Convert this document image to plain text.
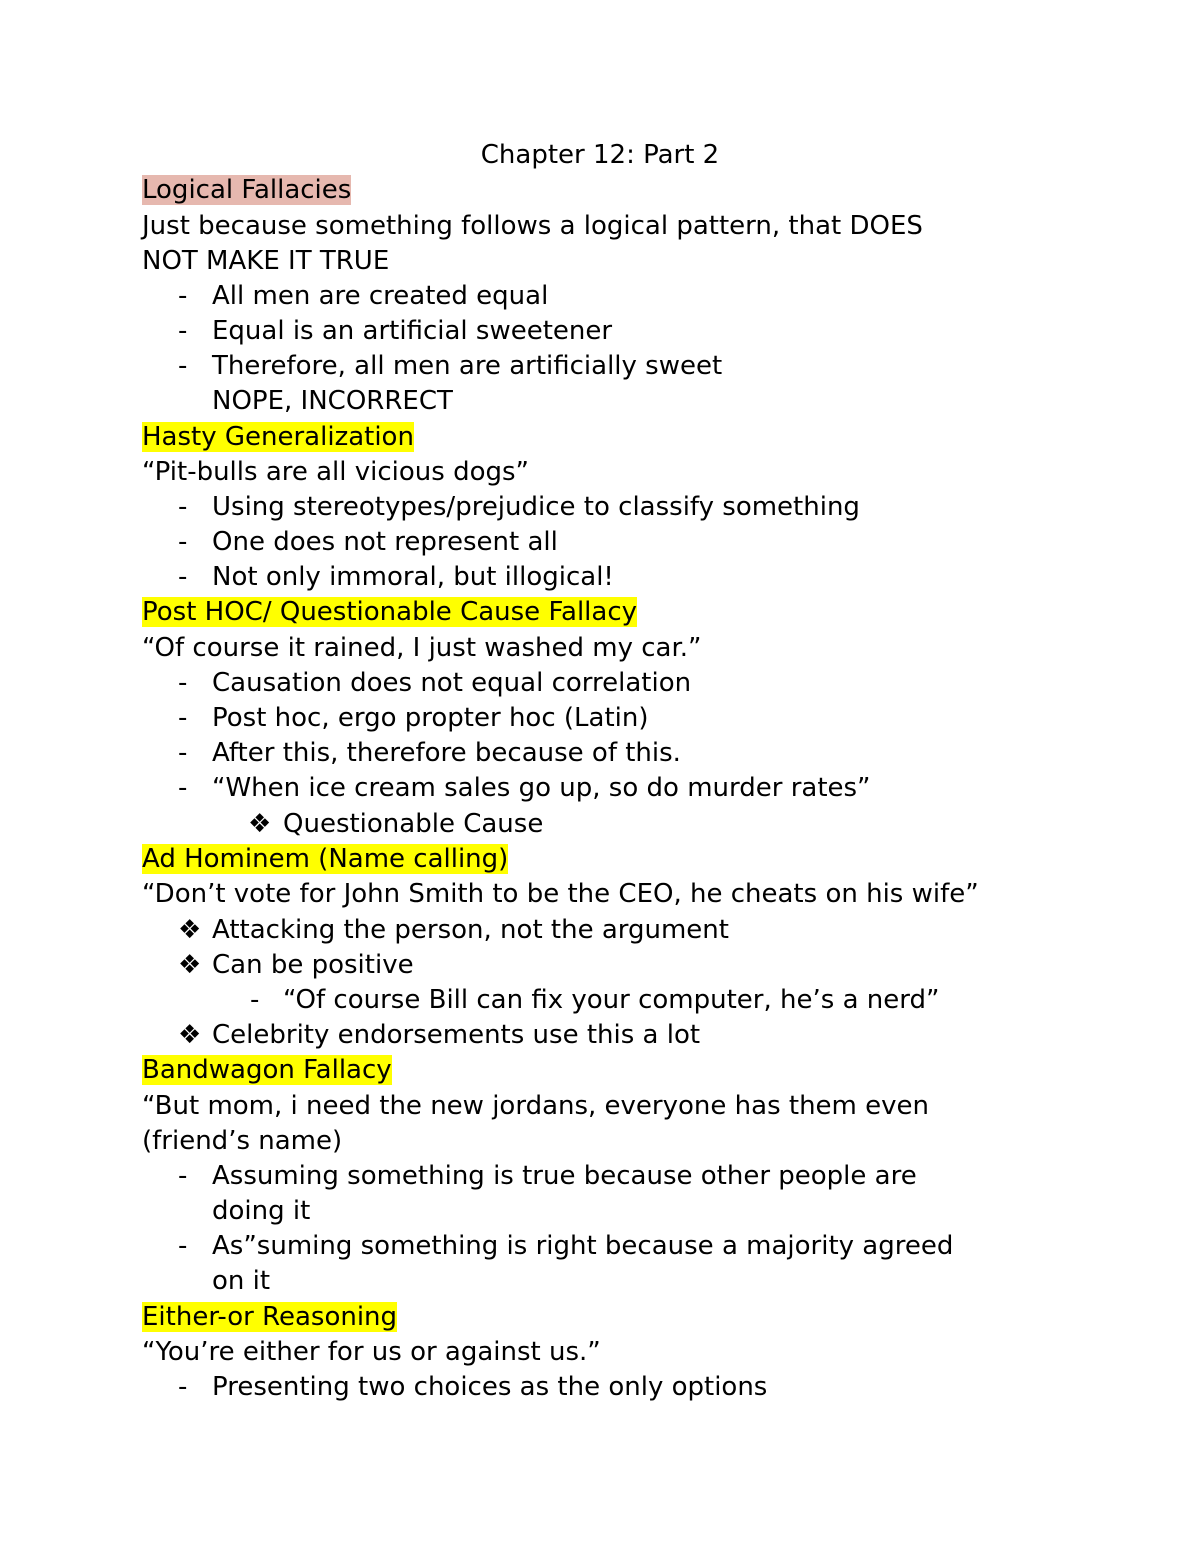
Chapter 12: Part 2
Logical Fallacies
Just because something follows a logical pattern, that DOES
NOT MAKE IT TRUE
- All men are created equal
- Equal is an artificial sweetener
- Therefore, all men are artificially sweet
NOPE, INCORRECT
Hasty Generalization
“Pit-bulls are all vicious dogs”
- Using stereotypes/prejudice to classify something
- One does not represent all
- Not only immoral, but illogical!
Post HOC/ Questionable Cause Fallacy
“Of course it rained, I just washed my car.”
- Causation does not equal correlation
- Post hoc, ergo propter hoc (Latin)
- After this, therefore because of this.
- “When ice cream sales go up, so do murder rates”
❖ Questionable Cause
Ad Hominem (Name calling)
“Don’t vote for John Smith to be the CEO, he cheats on his wife”
❖ Attacking the person, not the argument
❖ Can be positive
- “Of course Bill can fix your computer, he’s a nerd”
❖ Celebrity endorsements use this a lot
Bandwagon Fallacy
“But mom, i need the new jordans, everyone has them even
(friend’s name)
- Assuming something is true because other people are
doing it
- As”suming something is right because a majority agreed
on it
Either-or Reasoning
“You’re either for us or against us.”
- Presenting two choices as the only options
